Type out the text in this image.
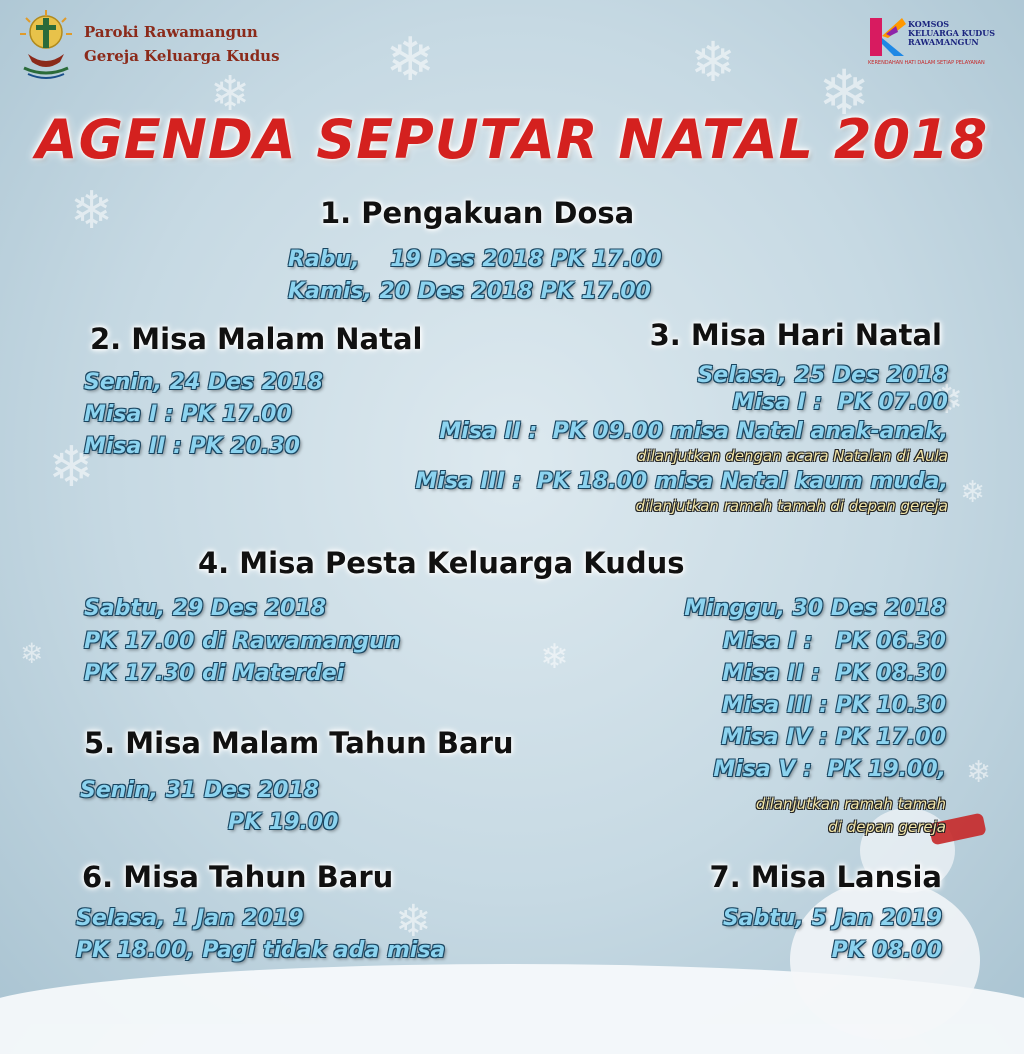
❄	❄
❄	❄
❄
❄
❄
❄
❄
❄
❄
❄
Paroki Rawamangun
Gereja Keluarga Kudus
KOMSOS
KELUARGA KUDUS
RAWAMANGUN
KERENDAHAN HATI DALAM SETIAP PELAYANAN
AGENDA SEPUTAR NATAL 2018
1. Pengakuan Dosa
Rabu,    19 Des 2018 PK 17.00
Kamis, 20 Des 2018 PK 17.00
2. Misa Malam Natal
Senin, 24 Des 2018
Misa I : PK 17.00
Misa II : PK 20.30
3. Misa Hari Natal
Selasa, 25 Des 2018
Misa I :  PK 07.00
Misa II :  PK 09.00 misa Natal anak-anak,
dilanjutkan dengan acara Natalan di Aula
Misa III :  PK 18.00 misa Natal kaum muda,
dilanjutkan ramah tamah di depan gereja
4. Misa Pesta Keluarga Kudus
Sabtu, 29 Des 2018
PK 17.00 di Rawamangun
PK 17.30 di Materdei
Minggu, 30 Des 2018
Misa I :   PK 06.30
Misa II :  PK 08.30
Misa III : PK 10.30
Misa IV : PK 17.00
Misa V :  PK 19.00,
dilanjutkan ramah tamah
di depan gereja
5. Misa Malam Tahun Baru
Senin, 31 Des 2018
PK 19.00
6. Misa Tahun Baru
Selasa, 1 Jan 2019
PK 18.00, Pagi tidak ada misa
7. Misa Lansia
Sabtu, 5 Jan 2019
PK 08.00
